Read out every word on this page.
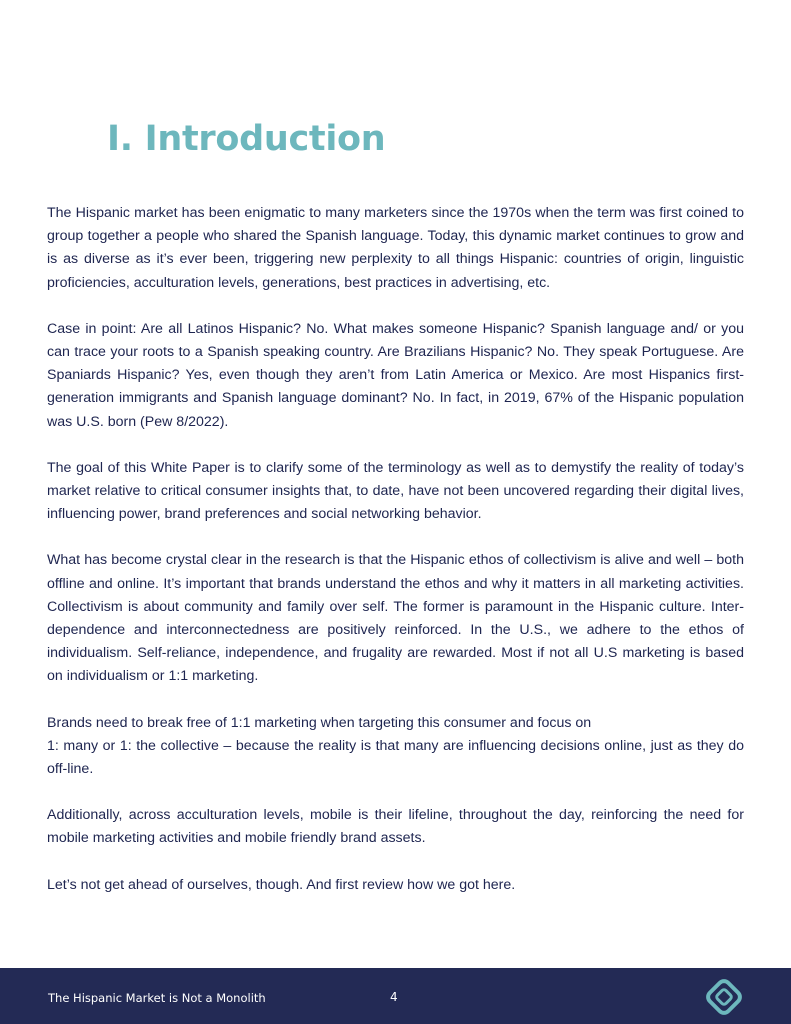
I. Introduction

The Hispanic market has been enigmatic to many marketers since the 1970s when the term was first coined to group together a people who shared the Spanish language. Today, this dynamic market continues to grow and is as diverse as it’s ever been, triggering new perplexity to all things Hispanic: countries of origin, linguistic proficiencies, acculturation levels, generations, best practices in advertising, etc.

Case in point: Are all Latinos Hispanic? No. What makes someone Hispanic? Spanish language and/ or you can trace your roots to a Spanish speaking country. Are Brazilians Hispanic? No. They speak Portuguese. Are Spaniards Hispanic? Yes, even though they aren’t from Latin America or Mexico. Are most Hispanics first-generation immigrants and Spanish language dominant? No. In fact, in 2019, 67% of the Hispanic population was U.S. born (Pew 8/2022).

The goal of this White Paper is to clarify some of the terminology as well as to demystify the reality of today’s market relative to critical consumer insights that, to date, have not been uncovered regarding their digital lives, influencing power, brand preferences and social networking behavior.

What has become crystal clear in the research is that the Hispanic ethos of collectivism is alive and well – both offline and online. It’s important that brands understand the ethos and why it matters in all marketing activities. Collectivism is about community and family over self. The former is paramount in the Hispanic culture. Inter-dependence and interconnectedness are positively reinforced. In the U.S., we adhere to the ethos of individualism. Self-reliance, independence, and frugality are rewarded. Most if not all U.S marketing is based on individualism or 1:1 marketing.

Brands need to break free of 1:1 marketing when targeting this consumer and focus on
1: many or 1: the collective – because the reality is that many are influencing decisions online, just as they do off-line.

Additionally, across acculturation levels, mobile is their lifeline, throughout the day, reinforcing the need for mobile marketing activities and mobile friendly brand assets.

Let’s not get ahead of ourselves, though. And first review how we got here.

The Hispanic Market is Not a Monolith	4
